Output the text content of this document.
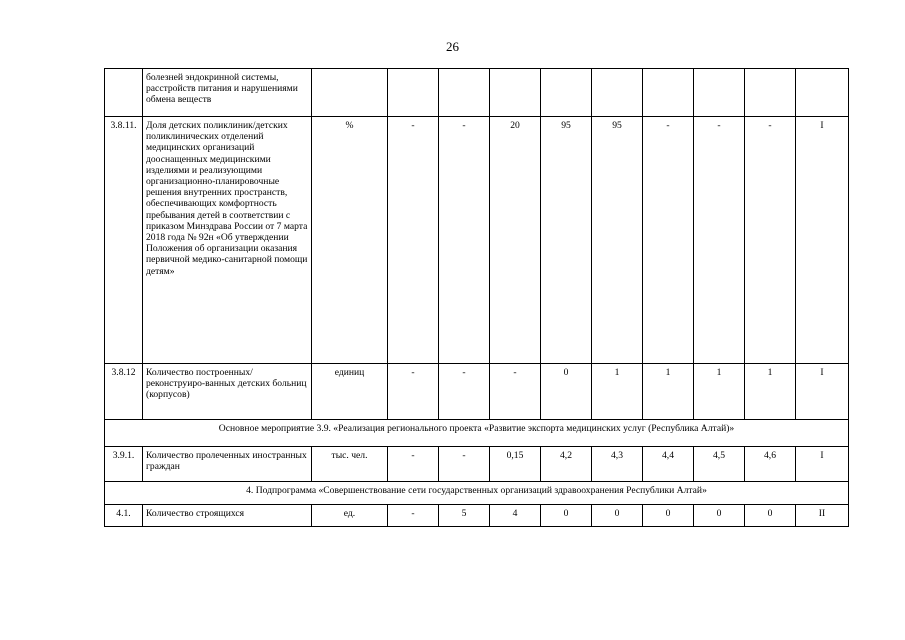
26
	болезней эндокринной системы, расстройств питания и нарушениями обмена веществ										
3.8.11.	Доля детских поликлиник/детских поликлинических отделений медицинских организаций дооснащенных медицинскими изделиями и реализующими организационно-планировочные решения внутренних пространств, обеспечивающих комфортность пребывания детей в соответствии с приказом Минздрава России от 7 марта 2018 года № 92н «Об утверждении Положения об организации оказания первичной медико-санитарной помощи детям»	%	-	-	20	95	95	-	-	-	I
3.8.12	Количество построенных/реконструиро-ванных детских больниц (корпусов)	единиц	-	-	-	0	1	1	1	1	I
Основное мероприятие 3.9. «Реализация регионального проекта «Развитие экспорта медицинских услуг (Республика Алтай)»											
3.9.1.	Количество пролеченных иностранных граждан	тыс. чел.	-	-	0,15	4,2	4,3	4,4	4,5	4,6	I
4. Подпрограмма «Совершенствование сети государственных организаций здравоохранения Республики Алтай»											
4.1.	Количество строящихся	ед.	-	5	4	0	0	0	0	0	II
